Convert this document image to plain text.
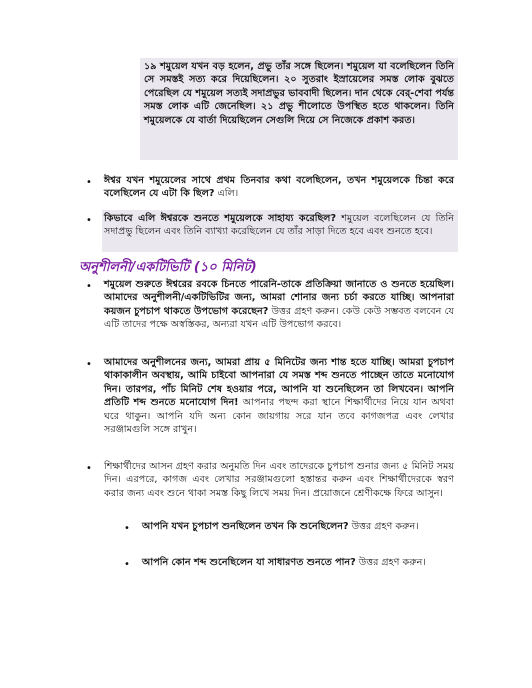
১৯ শমুয়েল যখন বড় হলেন, প্রভু তাঁর সঙ্গে ছিলেন। শমুয়েল যা বলেছিলেন তিনি সে সমস্তই সত্য করে দিয়েছিলেন। ২০ সুতরাং ইস্রায়েলের সমস্ত লোক বুঝতে পেরেছিল যে শমুয়েল সত্যই সদাপ্রভুর ভাববাদী ছিলেন। দান থেকে বের্-শেবা পর্যন্ত সমস্ত লোক এটি জেনেছিল। ২১ প্রভু শীলোতে উপস্থিত হতে থাকলেন। তিনি শমুয়েলকে যে বার্তা দিয়েছিলেন সেগুলি দিয়ে সে নিজেকে প্রকাশ করত।

• ঈশ্বর যখন শমুয়েলের সাথে প্রথম তিনবার কথা বলেছিলেন, তখন শমুয়েলকে চিন্তা করে বলেছিলেন যে এটা কি ছিল? এলি।

• কিভাবে এলি ঈশ্বরকে শুনতে শমুয়েলকে সাহায্য করেছিল? শমুয়েল বলেছিলেন যে তিনি সদাপ্রভু ছিলেন এবং তিনি ব্যাখ্যা করেছিলেন যে তাঁর সাড়া দিতে হবে এবং শুনতে হবে।

অনুশীলনী/একটিভিটি (১০ মিনিট)

• শমুয়েল শুরুতে ঈশ্বরের রবকে চিনতে পারেনি-তাকে প্রতিক্রিয়া জানাতে ও শুনতে হয়েছিল। আমাদের অনুশীলনী/একটিভিটির জন্য, আমরা শোনার জন্য চর্চা করতে যাচ্ছি। আপনারা কয়জন চুপচাপ থাকতে উপভোগ করেছেন? উত্তর গ্রহণ করুন। কেউ কেউ সম্ভবত বলবেন যে এটি তাদের পক্ষে অস্বস্তিকর, অন্যরা যখন এটি উপভোগ করবে।

• আমাদের অনুশীলনের জন্য, আমরা প্রায় ৫ মিনিটের জন্য শান্ত হতে যাচ্ছি। আমরা চুপচাপ থাকাকালীন অবস্থায়, আমি চাইবো আপনারা যে সমস্ত শব্দ শুনতে পাচ্ছেন তাতে মনোযোগ দিন। তারপর, পাঁচ মিনিট শেষ হওয়ার পরে, আপনি যা শুনেছিলেন তা লিখবেন। আপনি প্রতিটি শব্দ শুনতে মনোযোগ দিন! আপনার পছন্দ করা স্থানে শিক্ষার্থীদের নিয়ে যান অথবা ঘরে থাকুন। আপনি যদি অন্য কোন জায়গায় সরে যান তবে কাগজপত্র এবং লেখার সরঞ্জামগুলি সঙ্গে রাখুন।

• শিক্ষার্থীদের আসন গ্রহণ করার অনুমতি দিন এবং তাদেরকে চুপচাপ শুনার জন্য ৫ মিনিট সময় দিন। এরপরে, কাগজ এবং লেখার সরঞ্জামগুলো হস্তান্তর করুন এবং শিক্ষার্থীদেরকে স্বরণ করার জন্য এবং শুনে থাকা সমস্ত কিছু লিখে সময় দিন। প্রয়োজনে শ্রেণীকক্ষে ফিরে আসুন।

• আপনি যখন চুপচাপ শুনছিলেন তখন কি শুনেছিলেন? উত্তর গ্রহণ করুন।

• আপনি কোন শব্দ শুনেছিলেন যা সাধারণত শুনতে পান? উত্তর গ্রহণ করুন।
